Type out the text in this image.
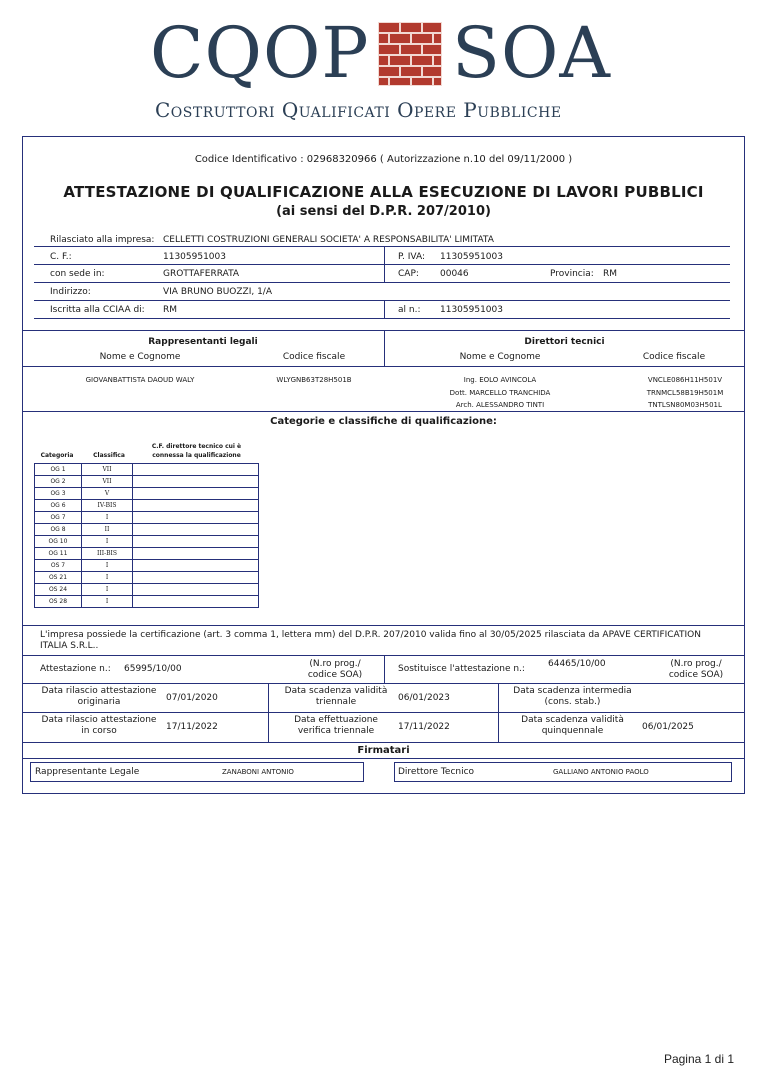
CQOP SOA
Costruttori Qualificati Opere Pubbliche
Codice Identificativo : 02968320966 ( Autorizzazione n.10 del 09/11/2000 )
ATTESTAZIONE DI QUALIFICAZIONE ALLA ESECUZIONE DI LAVORI PUBBLICI
(ai sensi del D.P.R. 207/2010)
Rilasciato alla impresa: CELLETTI COSTRUZIONI GENERALI SOCIETA' A RESPONSABILITA' LIMITATA
C. F.:	11305951003	P. IVA: 11305951003
con sede in:	GROTTAFERRATA	CAP: 00046	Provincia: RM
Indirizzo:	VIA BRUNO BUOZZI, 1/A
Iscritta alla CCIAA di: RM	al n.: 11305951003
Rappresentanti legali
Nome e Cognome	Codice fiscale
GIOVANBATTISTA DAOUD WALY	WLYGNB63T28H501B
Direttori tecnici
Nome e Cognome	Codice fiscale
Ing. EOLO AVINCOLA	VNCLE086H11H501V
Dott. MARCELLO TRANCHIDA	TRNMCL58B19H501M
Arch. ALESSANDRO TINTI	TNTLSN80M03H501L
Categorie e classifiche di qualificazione:
Categoria	Classifica
C.F. direttore tecnico cui è
connessa la qualificazione
OG 1	VII	
OG 2	VII	
OG 3	V	
OG 6	IV-BIS	
OG 7	I	
OG 8	II	
OG 10	I	
OG 11	III-BIS	
OS 7	I	
OS 21	I	
OS 24	I	
OS 28	I	
L'impresa possiede la certificazione (art. 3 comma 1, lettera mm) del D.P.R. 207/2010 valida fino al 30/05/2025 rilasciata da APAVE CERTIFICATION
ITALIA S.R.L..
Attestazione n.: 65995/10/00	(N.ro prog./
codice SOA)
Sostituisce l'attestazione n.:	64465/10/00	(N.ro prog./
codice SOA)
Data rilascio attestazione
originaria	07/01/2020
Data scadenza validità
triennale	06/01/2023
Data scadenza intermedia
(cons. stab.)
Data rilascio attestazione
in corso	17/11/2022
Data effettuazione
verifica triennale	17/11/2022
Data scadenza validità
quinquennale	06/01/2025
Firmatari
Rappresentante Legale	ZANABONI ANTONIO	Direttore Tecnico	GALLIANO ANTONIO PAOLO
Pagina 1 di 1
